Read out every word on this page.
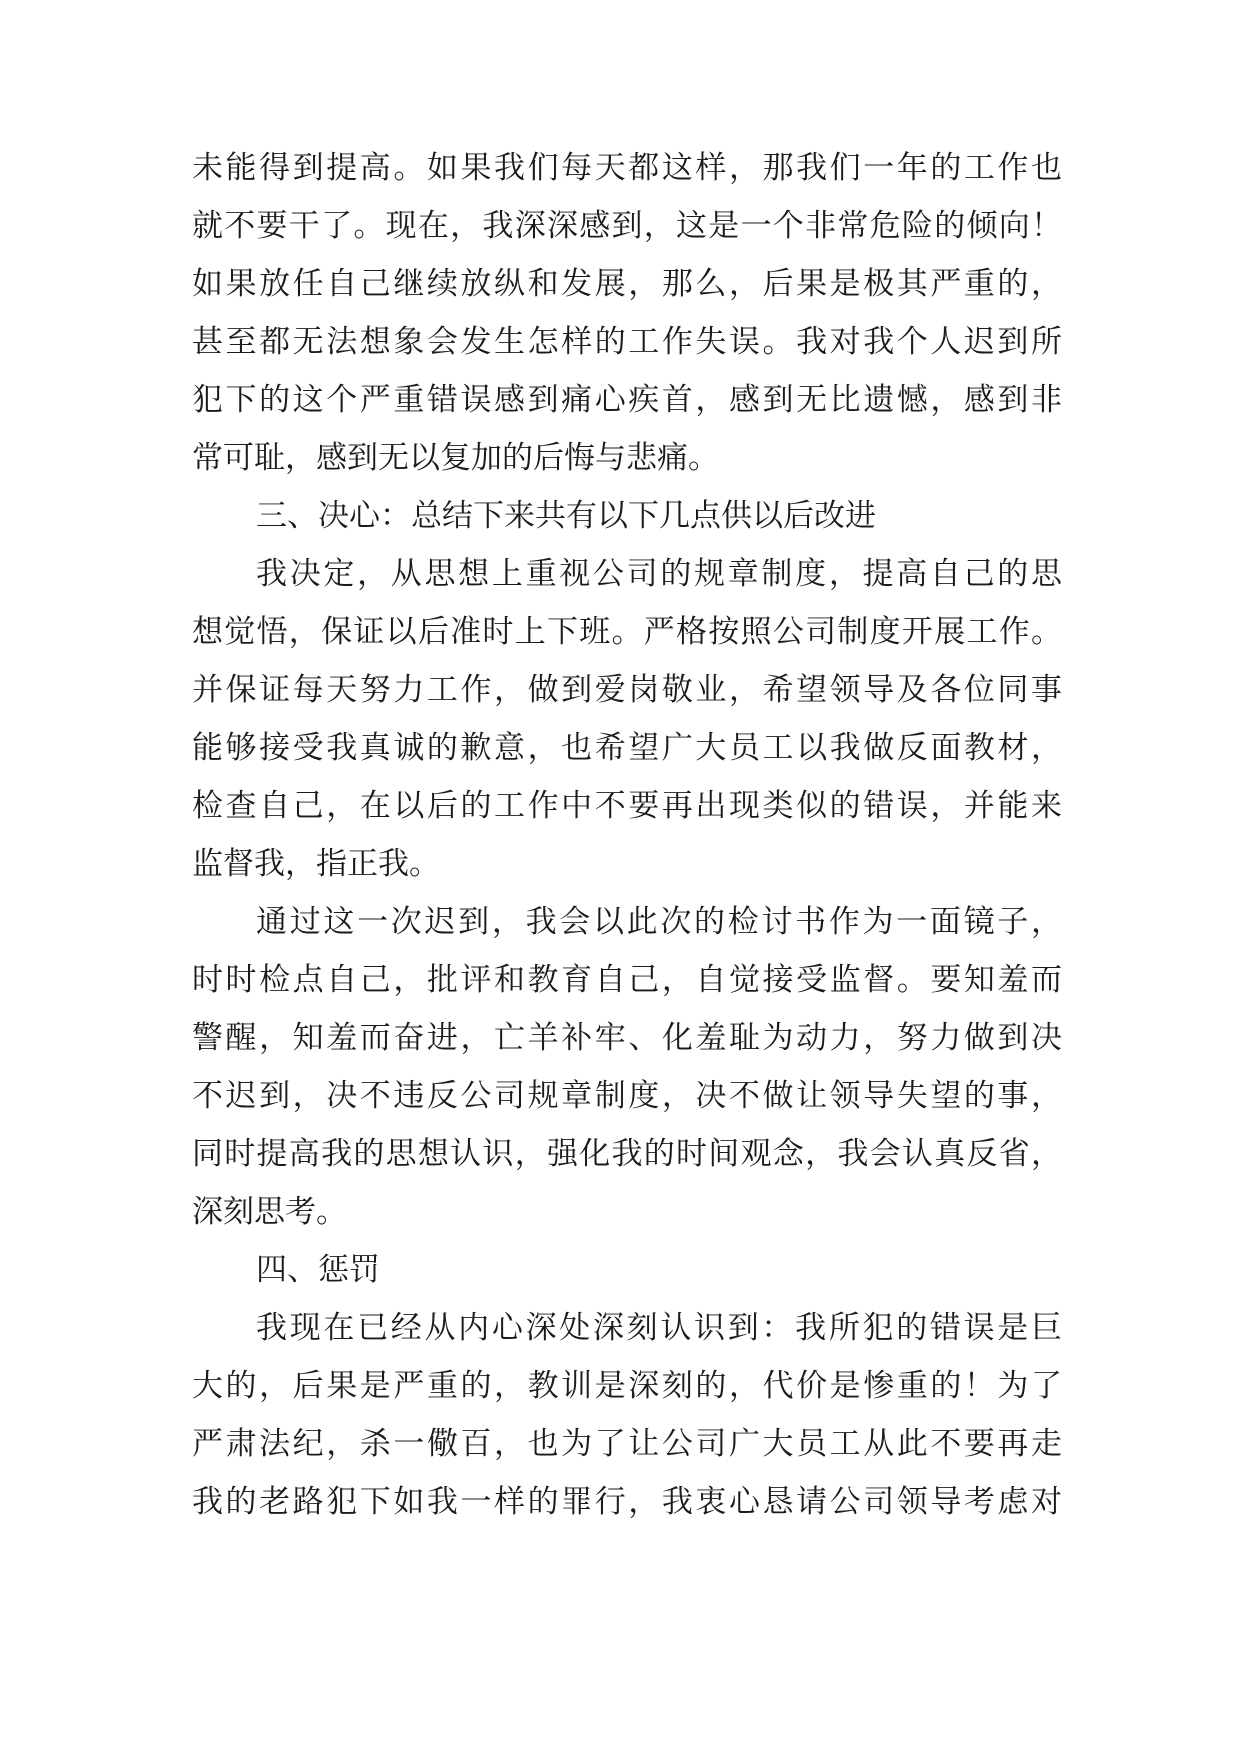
未能得到提高。如果我们每天都这样，那我们一年的工作也
就不要干了。现在，我深深感到，这是一个非常危险的倾向！
如果放任自己继续放纵和发展，那么，后果是极其严重的，
甚至都无法想象会发生怎样的工作失误。我对我个人迟到所
犯下的这个严重错误感到痛心疾首，感到无比遗憾，感到非
常可耻，感到无以复加的后悔与悲痛。
三、决心：总结下来共有以下几点供以后改进
我决定，从思想上重视公司的规章制度，提高自己的思
想觉悟，保证以后准时上下班。严格按照公司制度开展工作。
并保证每天努力工作，做到爱岗敬业，希望领导及各位同事
能够接受我真诚的歉意，也希望广大员工以我做反面教材，
检查自己，在以后的工作中不要再出现类似的错误，并能来
监督我，指正我。
通过这一次迟到，我会以此次的检讨书作为一面镜子，
时时检点自己，批评和教育自己，自觉接受监督。要知羞而
警醒，知羞而奋进，亡羊补牢、化羞耻为动力，努力做到决
不迟到，决不违反公司规章制度，决不做让领导失望的事，
同时提高我的思想认识，强化我的时间观念，我会认真反省，
深刻思考。
四、惩罚
我现在已经从内心深处深刻认识到：我所犯的错误是巨
大的，后果是严重的，教训是深刻的，代价是惨重的！为了
严肃法纪，杀一儆百，也为了让公司广大员工从此不要再走
我的老路犯下如我一样的罪行，我衷心恳请公司领导考虑对
